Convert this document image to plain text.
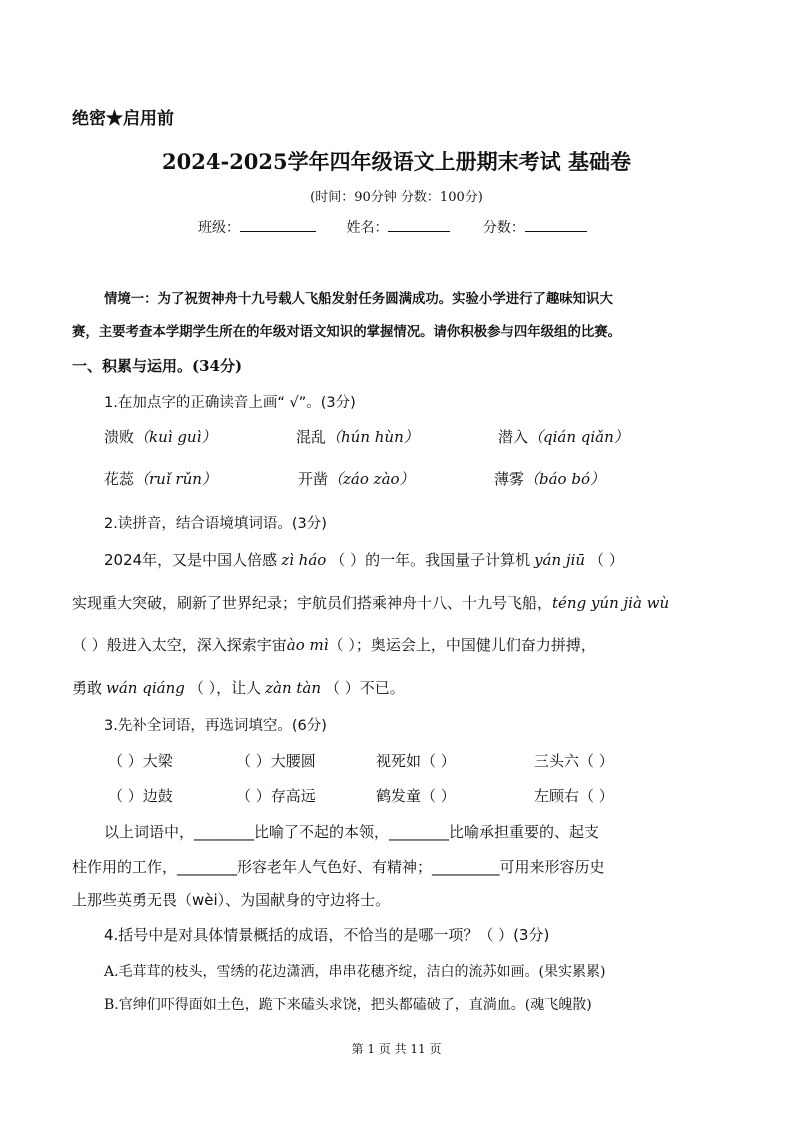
绝密★启用前
2024-2025学年四年级语文上册期末考试 基础卷
(时间：90分钟 分数：100分)
班级：	姓名：	分数：
情境一：为了祝贺神舟十九号载人飞船发射任务圆满成功。实验小学进行了趣味知识大
赛，主要考查本学期学生所在的年级对语文知识的掌握情况。请你积极参与四年级组的比赛。
一、积累与运用。(34分)
1.在加点字的正确读音上画“ √”。(3分)
溃败（kuì guì）	混乱（hún hùn）	潜入（qián qiǎn）
花蕊（ruǐ rǔn）	开凿（záo zào）	薄雾（báo bó）
2.读拼音，结合语境填词语。(3分)
2024年，又是中国人倍感 zì háo （ ）的一年。我国量子计算机 yán jiū （ ）
实现重大突破，刷新了世界纪录；宇航员们搭乘神舟十八、十九号飞船，téng yún jià wù
（ ）般进入太空，深入探索宇宙ào mì（ ）；奥运会上，中国健儿们奋力拼搏，
勇敢 wán qiáng （ ），让人 zàn tàn （ ）不已。
3.先补全词语，再选词填空。(6分)
（ ）大梁	（ ）大腰圆	视死如（ ）	三头六（ ）
（ ）边鼓	（ ）存高远	鹤发童（ ）	左顾右（ ）
以上词语中，________比喻了不起的本领，________比喻承担重要的、起支
柱作用的工作，________形容老年人气色好、有精神；_________可用来形容历史
上那些英勇无畏（wèi）、为国献身的守边将士。
4.括号中是对具体情景概括的成语，不恰当的是哪一项？（ ）(3分)
A.毛茸茸的枝头，雪绣的花边潇洒，串串花穗齐绽，洁白的流苏如画。(果实累累)
B.官绅们吓得面如土色，跪下来磕头求饶，把头都磕破了，直淌血。(魂飞魄散)
第 1 页 共 11 页
